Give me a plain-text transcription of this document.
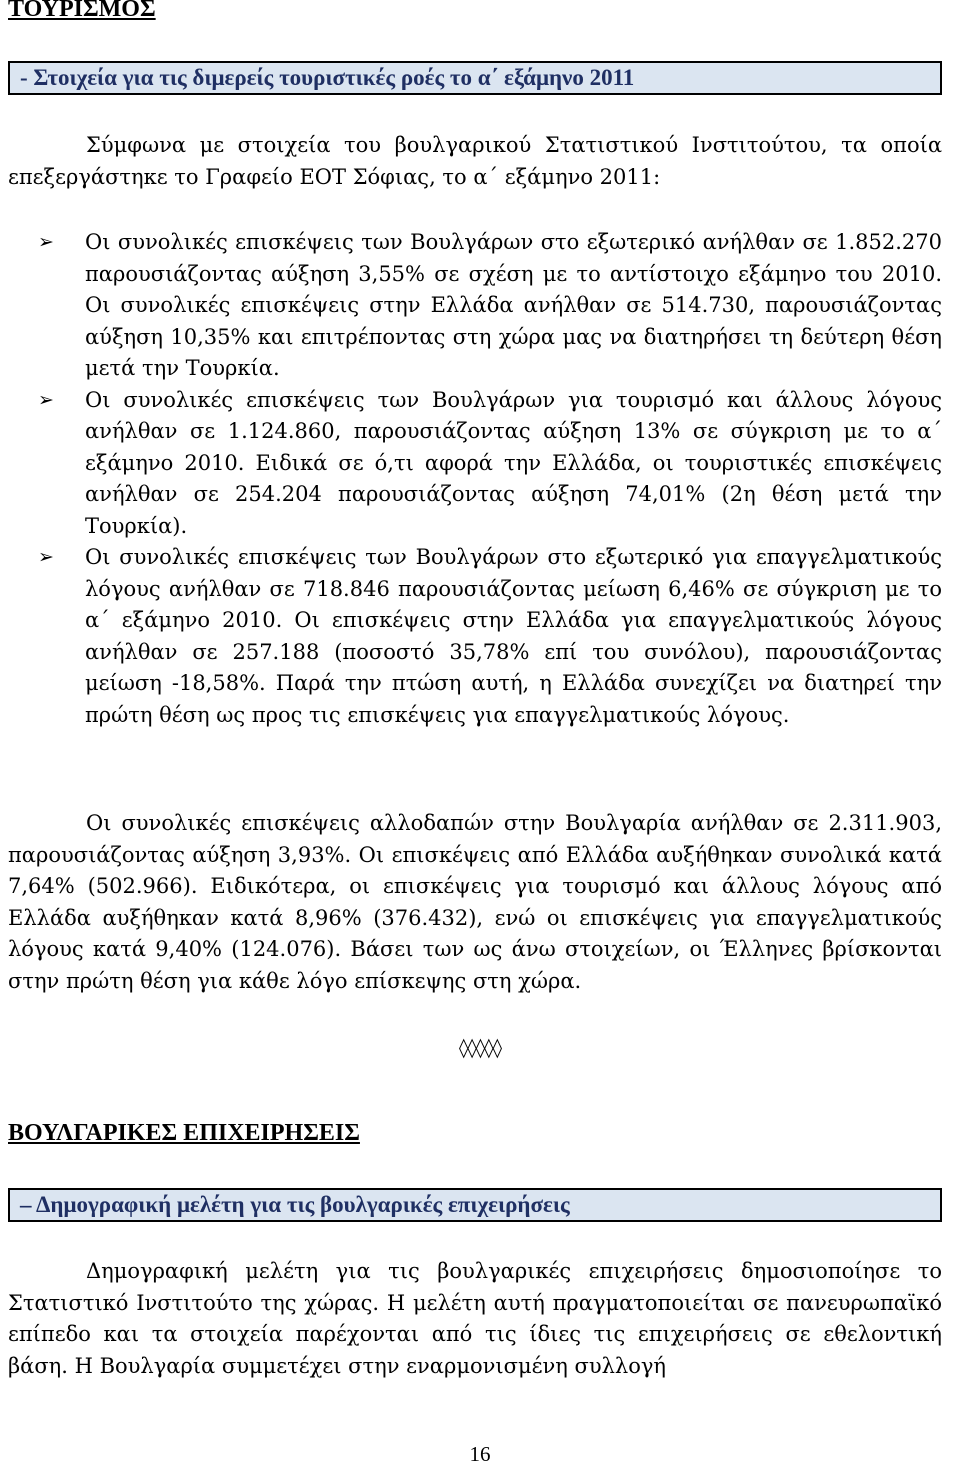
ΤΟΥΡΙΣΜΟΣ
- Στοιχεία για τις διμερείς τουριστικές ροές το α΄ εξάμηνο 2011

Σύμφωνα με στοιχεία του βουλγαρικού Στατιστικού Ινστιτούτου, τα οποία επεξεργάστηκε το Γραφείο ΕΟΤ Σόφιας, το α΄ εξάμηνο 2011:

➢ Οι συνολικές επισκέψεις των Βουλγάρων στο εξωτερικό ανήλθαν σε 1.852.270 παρουσιάζοντας αύξηση 3,55% σε σχέση με το αντίστοιχο εξάμηνο του 2010. Οι συνολικές επισκέψεις στην Ελλάδα ανήλθαν σε 514.730, παρουσιάζοντας αύξηση 10,35% και επιτρέποντας στη χώρα μας να διατηρήσει τη δεύτερη θέση μετά την Τουρκία.
➢ Οι συνολικές επισκέψεις των Βουλγάρων για τουρισμό και άλλους λόγους ανήλθαν σε 1.124.860, παρουσιάζοντας αύξηση 13% σε σύγκριση με το α΄ εξάμηνο 2010. Ειδικά σε ό,τι αφορά την Ελλάδα, οι τουριστικές επισκέψεις ανήλθαν σε 254.204 παρουσιάζοντας αύξηση 74,01% (2η θέση μετά την Τουρκία).
➢ Οι συνολικές επισκέψεις των Βουλγάρων στο εξωτερικό για επαγγελματικούς λόγους ανήλθαν σε 718.846 παρουσιάζοντας μείωση 6,46% σε σύγκριση με το α΄ εξάμηνο 2010. Οι επισκέψεις στην Ελλάδα για επαγγελματικούς λόγους ανήλθαν σε 257.188 (ποσοστό 35,78% επί του συνόλου), παρουσιάζοντας μείωση -18,58%. Παρά την πτώση αυτή, η Ελλάδα συνεχίζει να διατηρεί την πρώτη θέση ως προς τις επισκέψεις για επαγγελματικούς λόγους.

Οι συνολικές επισκέψεις αλλοδαπών στην Βουλγαρία ανήλθαν σε 2.311.903, παρουσιάζοντας αύξηση 3,93%. Οι επισκέψεις από Ελλάδα αυξήθηκαν συνολικά κατά 7,64% (502.966). Ειδικότερα, οι επισκέψεις για τουρισμό και άλλους λόγους από Ελλάδα αυξήθηκαν κατά 8,96% (376.432), ενώ οι επισκέψεις για επαγγελματικούς λόγους κατά 9,40% (124.076). Βάσει των ως άνω στοιχείων, οι Έλληνες βρίσκονται στην πρώτη θέση για κάθε λόγο επίσκεψης στη χώρα.

◊◊◊◊◊
ΒΟΥΛΓΑΡΙΚΕΣ ΕΠΙΧΕΙΡΗΣΕΙΣ
– Δημογραφική μελέτη για τις βουλγαρικές επιχειρήσεις

Δημογραφική μελέτη για τις βουλγαρικές επιχειρήσεις δημοσιοποίησε το Στατιστικό Ινστιτούτο της χώρας. Η μελέτη αυτή πραγματοποιείται σε πανευρωπαϊκό επίπεδο και τα στοιχεία παρέχονται από τις ίδιες τις επιχειρήσεις σε εθελοντική βάση. Η Βουλγαρία συμμετέχει στην εναρμονισμένη συλλογή

16
